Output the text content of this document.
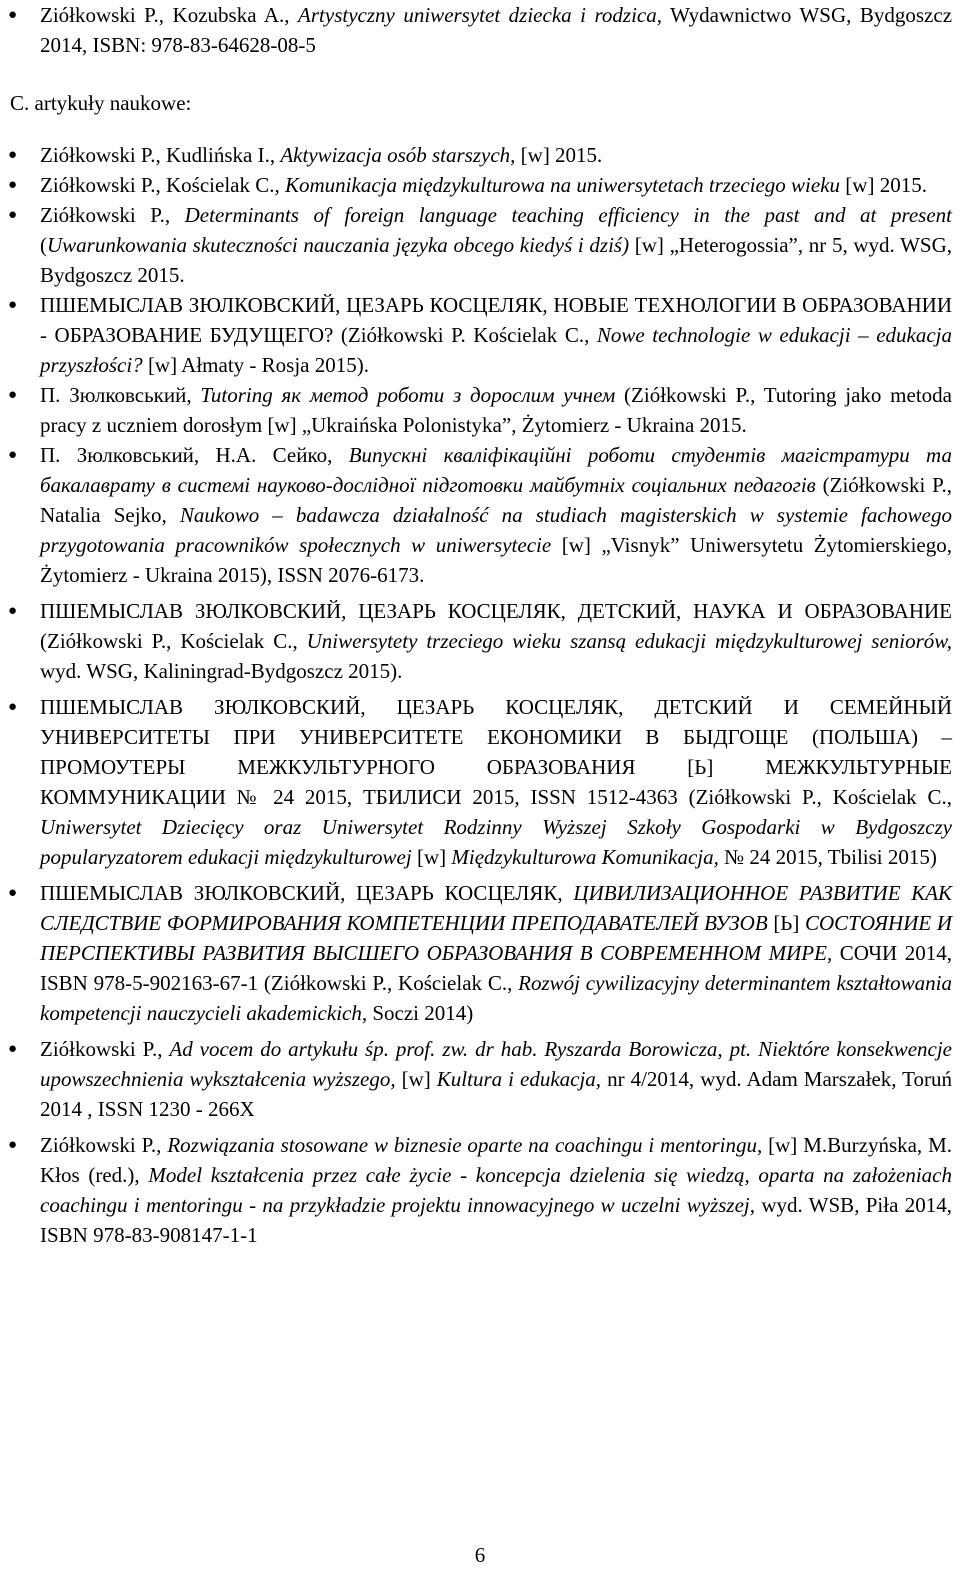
● Ziółkowski P., Kozubska A., Artystyczny uniwersytet dziecka i rodzica, Wydawnictwo WSG, Bydgoszcz 2014, ISBN: 978-83-64628-08-5
C. artykuły naukowe:
● Ziółkowski P., Kudlińska I., Aktywizacja osób starszych, [w] 2015.
● Ziółkowski P., Kościelak C., Komunikacja międzykulturowa na uniwersytetach trzeciego wieku [w] 2015.
● Ziółkowski P., Determinants of foreign language teaching efficiency in the past and at present (Uwarunkowania skuteczności nauczania języka obcego kiedyś i dziś) [w] „Heterogossia”, nr 5, wyd. WSG, Bydgoszcz 2015.
● ПШЕМЫСЛАВ ЗЮЛКОВСКИЙ, ЦЕЗАРЬ КОСЦЕЛЯК, НОВЫЕ ТЕХНОЛОГИИ В ОБРАЗОВАНИИ - ОБРАЗОВАНИЕ БУДУЩЕГО? (Ziółkowski P. Kościelak C., Nowe technologie w edukacji – edukacja przyszłości? [w] Ałmaty - Rosja 2015).
● П. Зюлковський, Tutoring як метод роботи з дорослим учнем (Ziółkowski P., Tutoring jako metoda pracy z uczniem dorosłym [w] „Ukraińska Polonistyka”, Żytomierz - Ukraina 2015.
● П. Зюлковський, Н.А. Сейко, Випускні кваліфікаційні роботи студентів магістратури та бакалаврату в системі науково-дослідної підготовки майбутніх соціальних педагогів (Ziółkowski P., Natalia Sejko, Naukowo – badawcza działalność na studiach magisterskich w systemie fachowego przygotowania pracowników społecznych w uniwersytecie [w] „Visnyk” Uniwersytetu Żytomierskiego, Żytomierz - Ukraina 2015), ISSN 2076-6173.
● ПШЕМЫСЛАВ ЗЮЛКОВСКИЙ, ЦЕЗАРЬ КОСЦЕЛЯК, ДЕТСКИЙ, НАУКА И ОБРАЗОВАНИЕ (Ziółkowski P., Kościelak C., Uniwersytety trzeciego wieku szansą edukacji międzykulturowej seniorów, wyd. WSG, Kaliningrad-Bydgoszcz 2015).
● ПШЕМЫСЛАВ ЗЮЛКОВСКИЙ, ЦЕЗАРЬ КОСЦЕЛЯК, ДЕТСКИЙ И СЕМЕЙНЫЙ УНИВЕРСИТЕТЫ ПРИ УНИВЕРСИТЕТЕ ЕКОНОМИКИ В БЫДГОЩЕ (ПОЛЬША) – ПРОМОУТЕРЫ МЕЖКУЛЬТУРНОГО ОБРАЗОВАНИЯ [Ь] МЕЖКУЛЬТУРНЫЕ КОММУНИКАЦИИ № 24 2015, ТБИЛИСИ 2015, ISSN 1512-4363 (Ziółkowski P., Kościelak C., Uniwersytet Dziecięcy oraz Uniwersytet Rodzinny Wyższej Szkoły Gospodarki w Bydgoszczy popularyzatorem edukacji międzykulturowej [w] Międzykulturowa Komunikacja, № 24 2015, Tbilisi 2015)
● ПШЕМЫСЛАВ ЗЮЛКОВСКИЙ, ЦЕЗАРЬ КОСЦЕЛЯК, ЦИВИЛИЗАЦИОННОЕ РАЗВИТИЕ КАК СЛЕДСТВИЕ ФОРМИРОВАНИЯ КОМПЕТЕНЦИИ ПРЕПОДАВАТЕЛЕЙ ВУЗОВ [Ь] СОСТОЯНИЕ И ПЕРСПЕКТИВЫ РАЗВИТИЯ ВЫСШЕГО ОБРАЗОВАНИЯ В СОВРЕМЕННОМ МИРЕ, СОЧИ 2014, ISBN 978-5-902163-67-1 (Ziółkowski P., Kościelak C., Rozwój cywilizacyjny determinantem kształtowania kompetencji nauczycieli akademickich, Soczi 2014)
● Ziółkowski P., Ad vocem do artykułu śp. prof. zw. dr hab. Ryszarda Borowicza, pt. Niektóre konsekwencje upowszechnienia wykształcenia wyższego, [w] Kultura i edukacja, nr 4/2014, wyd. Adam Marszałek, Toruń 2014 , ISSN 1230 - 266X
● Ziółkowski P., Rozwiązania stosowane w biznesie oparte na coachingu i mentoringu, [w] M.Burzyńska, M. Kłos (red.), Model kształcenia przez całe życie - koncepcja dzielenia się wiedzą, oparta na założeniach coachingu i mentoringu - na przykładzie projektu innowacyjnego w uczelni wyższej, wyd. WSB, Piła 2014, ISBN 978-83-908147-1-1
6
